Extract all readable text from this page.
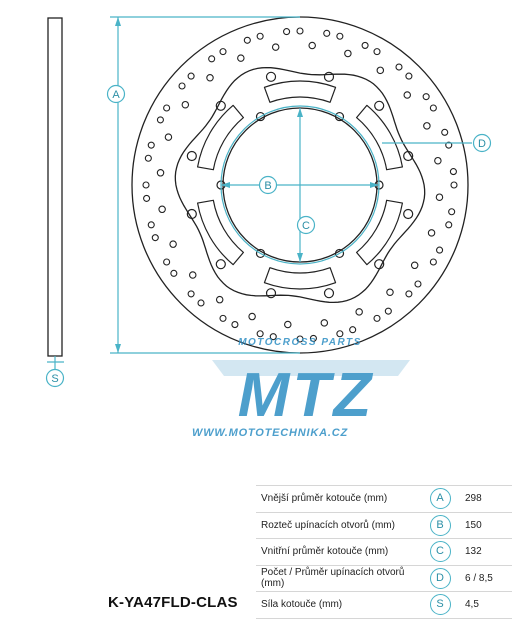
A
B
C
D
S
MOTOCROSS PARTS
MTZ
WWW.MOTOTECHNIKA.CZ
Vnější průměr kotouče (mm)	A	298
Rozteč upínacích otvorů (mm)	B	150
Vnitřní průměr kotouče (mm)	C	132
Počet / Průměr upínacích otvorů (mm)	D	6 / 8,5
Síla kotouče (mm)	S	4,5
K-YA47FLD-CLAS
